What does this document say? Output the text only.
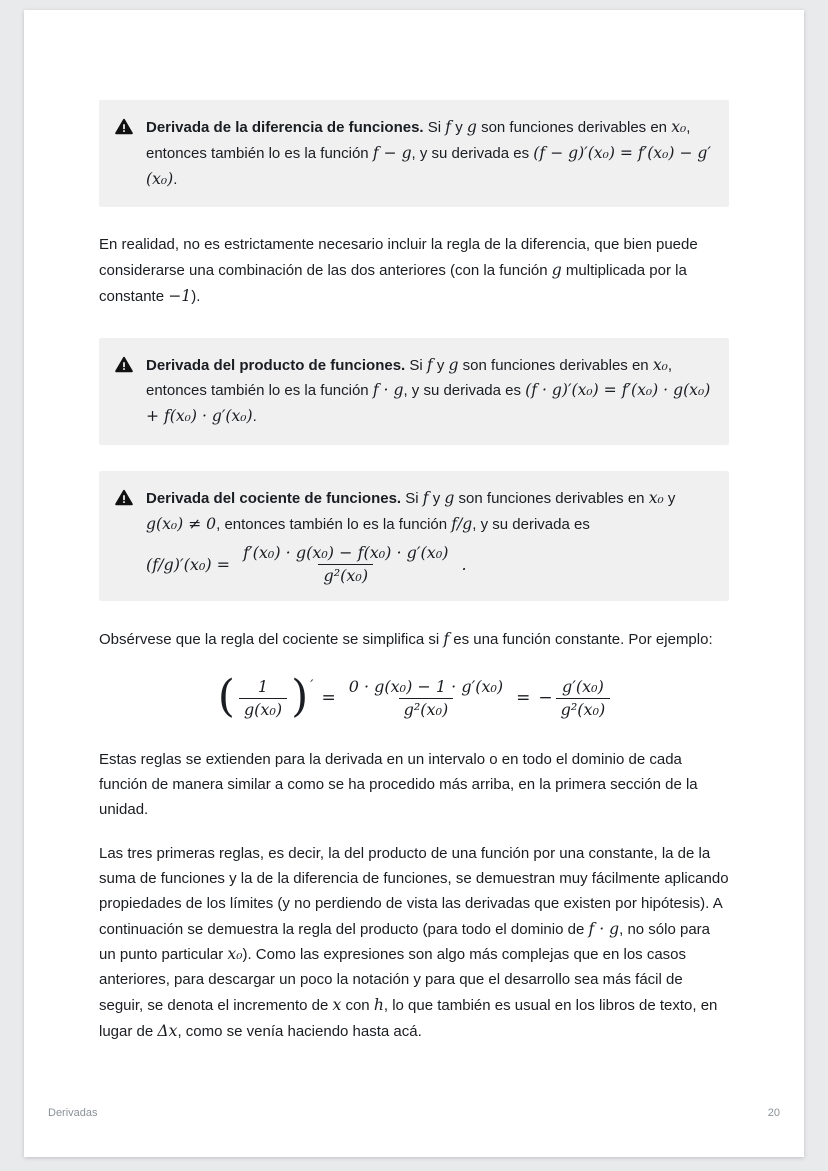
Derivada de la diferencia de funciones. Si f y g son funciones derivables en x₀, entonces también lo es la función f − g, y su derivada es (f − g)′(x₀) = f′(x₀) − g′(x₀).

En realidad, no es estrictamente necesario incluir la regla de la diferencia, que bien puede considerarse una combinación de las dos anteriores (con la función g multiplicada por la constante −1).

Derivada del producto de funciones. Si f y g son funciones derivables en x₀, entonces también lo es la función f · g, y su derivada es (f · g)′(x₀) = f′(x₀) · g(x₀) + f(x₀) · g′(x₀).
Derivada del cociente de funciones. Si f y g son funciones derivables en x₀ y g(x₀) ≠ 0, entonces también lo es la función f/g, y su derivada es
$(f/g)'(x_0) = \frac{\text{f′(x₀) · g(x₀) − f(x₀) · g′(x₀)}}{\text{g²(x₀)}}$ .

Obsérvese que la regla del cociente se simplifica si f es una función constante. Por ejemplo:

( $\frac{1}{\text{g(x₀)}}$ ) ′
= $\frac{\text{0 · g(x₀) − 1 · g′(x₀)}}{\text{g²(x₀)}}$ = − $\frac{\text{g′(x₀)}}{\text{g²(x₀)}}$

Estas reglas se extienden para la derivada en un intervalo o en todo el dominio de cada función de manera similar a como se ha procedido más arriba, en la primera sección de la unidad.

Las tres primeras reglas, es decir, la del producto de una función por una constante, la de la suma de funciones y la de la diferencia de funciones, se demuestran muy fácilmente aplicando propiedades de los límites (y no perdiendo de vista las derivadas que existen por hipótesis). A continuación se demuestra la regla del producto (para todo el dominio de f · g, no sólo para un punto particular x₀). Como las expresiones son algo más complejas que en los casos anteriores, para descargar un poco la notación y para que el desarrollo sea más fácil de seguir, se denota el incremento de x con h, lo que también es usual en los libros de texto, en lugar de Δx, como se venía haciendo hasta acá.

Derivadas	20
